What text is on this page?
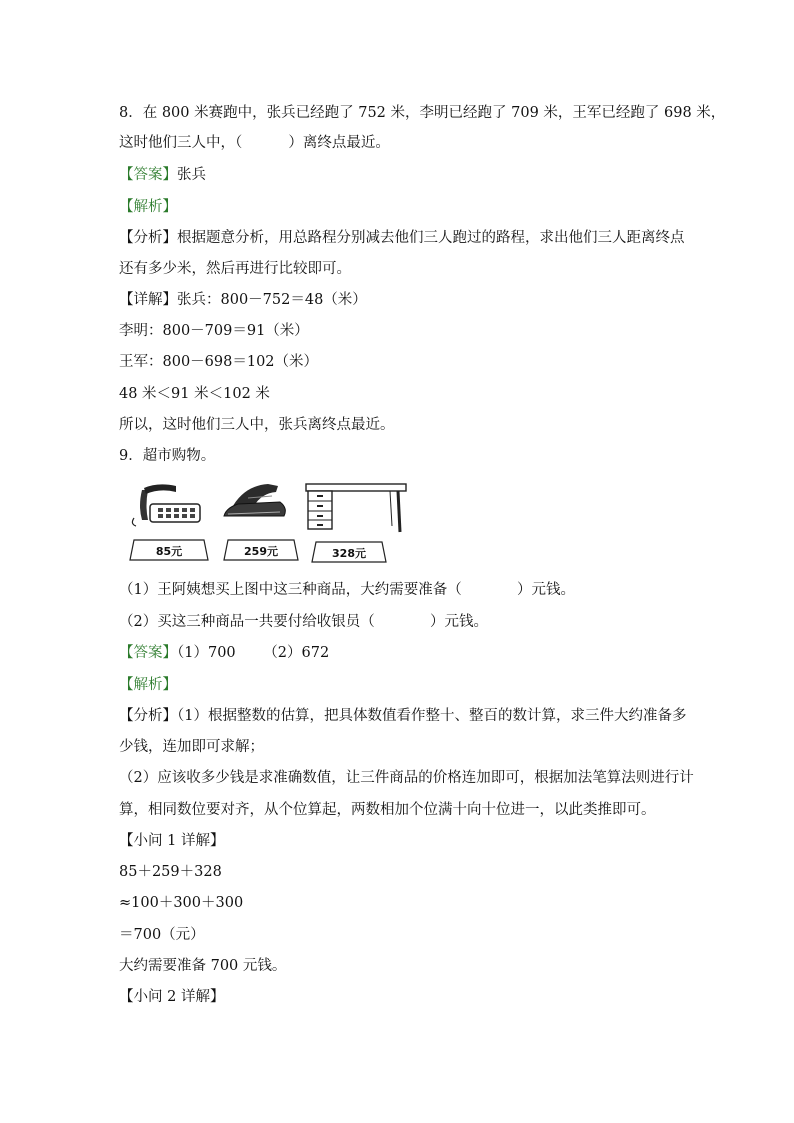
8．在 800 米赛跑中，张兵已经跑了 752 米，李明已经跑了 709 米，王军已经跑了 698 米，
这时他们三人中，（          ）离终点最近。
【答案】张兵
【解析】
【分析】根据题意分析，用总路程分别减去他们三人跑过的路程，求出他们三人距离终点
还有多少米，然后再进行比较即可。
【详解】张兵：800－752＝48（米）
李明：800－709＝91（米）
王军：800－698＝102（米）
48 米＜91 米＜102 米
所以，这时他们三人中，张兵离终点最近。
9．超市购物。
85元	259元	328元
（1）王阿姨想买上图中这三种商品，大约需要准备（            ）元钱。
（2）买这三种商品一共要付给收银员（            ）元钱。
【答案】（1）700      （2）672
【解析】
【分析】（1）根据整数的估算，把具体数值看作整十、整百的数计算，求三件大约准备多
少钱，连加即可求解；
（2）应该收多少钱是求准确数值，让三件商品的价格连加即可，根据加法笔算法则进行计
算，相同数位要对齐，从个位算起，两数相加个位满十向十位进一，以此类推即可。
【小问 1 详解】
85＋259＋328
≈100＋300＋300
＝700（元）
大约需要准备 700 元钱。
【小问 2 详解】
